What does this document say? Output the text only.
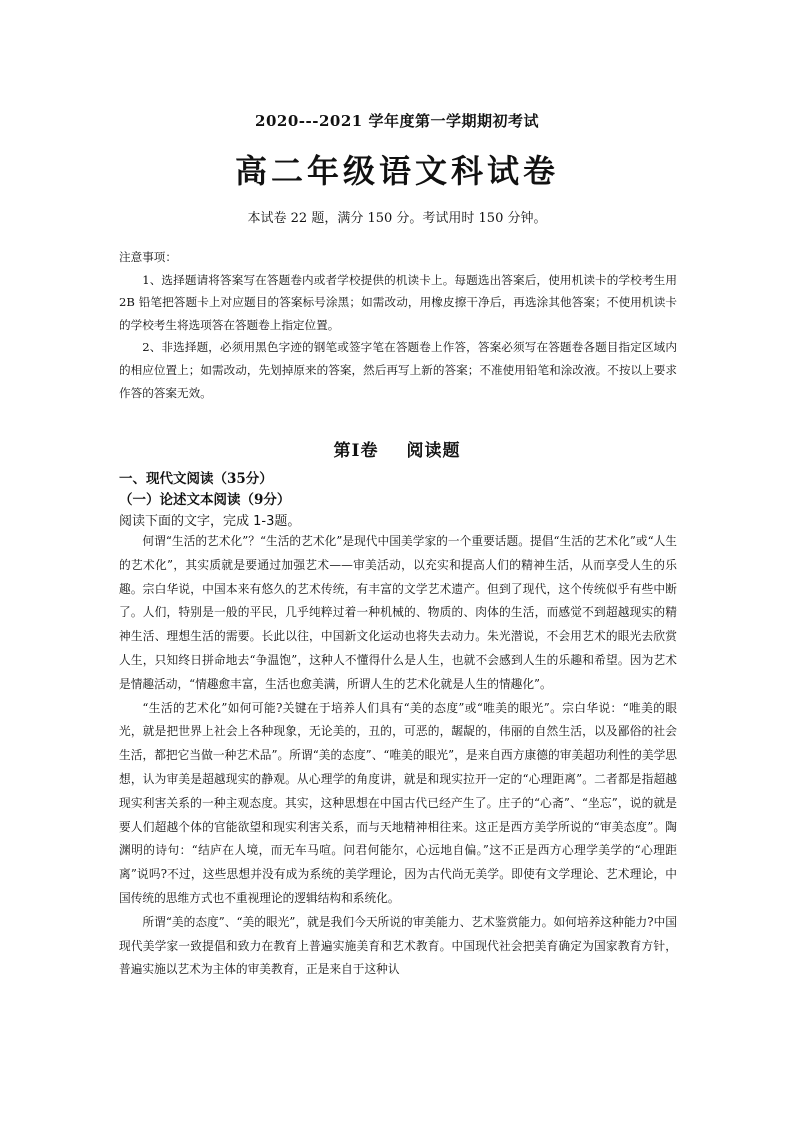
2020---2021 学年度第一学期期初考试
高二年级语文科试卷
本试卷 22 题，满分 150 分。考试用时 150 分钟。

注意事项：

1、选择题请将答案写在答题卷内或者学校提供的机读卡上。每题选出答案后，使用机读卡的学校考生用 2B 铅笔把答题卡上对应题目的答案标号涂黑；如需改动，用橡皮擦干净后，再选涂其他答案；不使用机读卡的学校考生将选项答在答题卷上指定位置。

2、非选择题，必须用黑色字迹的钢笔或签字笔在答题卷上作答，答案必须写在答题卷各题目指定区域内的相应位置上；如需改动，先划掉原来的答案，然后再写上新的答案；不准使用铅笔和涂改液。不按以上要求作答的答案无效。

第Ⅰ卷 阅读题
一、现代文阅读（35分）
（一）论述文本阅读（9分）
阅读下面的文字，完成 1-3题。

何谓“生活的艺术化”？“生活的艺术化”是现代中国美学家的一个重要话题。提倡“生活的艺术化”或“人生的艺术化”，其实质就是要通过加强艺术——审美活动，以充实和提高人们的精神生活，从而享受人生的乐趣。宗白华说，中国本来有悠久的艺术传统，有丰富的文学艺术遗产。但到了现代，这个传统似乎有些中断了。人们，特别是一般的平民，几乎纯粹过着一种机械的、物质的、肉体的生活，而感觉不到超越现实的精神生活、理想生活的需要。长此以往，中国新文化运动也将失去动力。朱光潜说，不会用艺术的眼光去欣赏人生，只知终日拼命地去“争温饱”，这种人不懂得什么是人生，也就不会感到人生的乐趣和希望。因为艺术是情趣活动，“情趣愈丰富，生活也愈美满，所谓人生的艺术化就是人生的情趣化”。

“生活的艺术化”如何可能?关键在于培养人们具有“美的态度”或“唯美的眼光”。宗白华说：“唯美的眼光，就是把世界上社会上各种现象，无论美的，丑的，可恶的，龌龊的，伟丽的自然生活，以及鄙俗的社会生活，都把它当做一种艺术品”。所谓“美的态度”、“唯美的眼光”，是来自西方康德的审美超功利性的美学思想，认为审美是超越现实的静观。从心理学的角度讲，就是和现实拉开一定的“心理距离”。二者都是指超越现实利害关系的一种主观态度。其实，这种思想在中国古代已经产生了。庄子的“心斋”、“坐忘”，说的就是要人们超越个体的官能欲望和现实利害关系，而与天地精神相往来。这正是西方美学所说的“审美态度”。陶渊明的诗句：“结庐在人境，而无车马喧。问君何能尔，心远地自偏。”这不正是西方心理学美学的“心理距离”说吗?不过，这些思想并没有成为系统的美学理论，因为古代尚无美学。即使有文学理论、艺术理论，中国传统的思维方式也不重视理论的逻辑结构和系统化。

所谓“美的态度”、“美的眼光”，就是我们今天所说的审美能力、艺术鉴赏能力。如何培养这种能力?中国现代美学家一致提倡和致力在教育上普遍实施美育和艺术教育。中国现代社会把美育确定为国家教育方针，普遍实施以艺术为主体的审美教育，正是来自于这种认
